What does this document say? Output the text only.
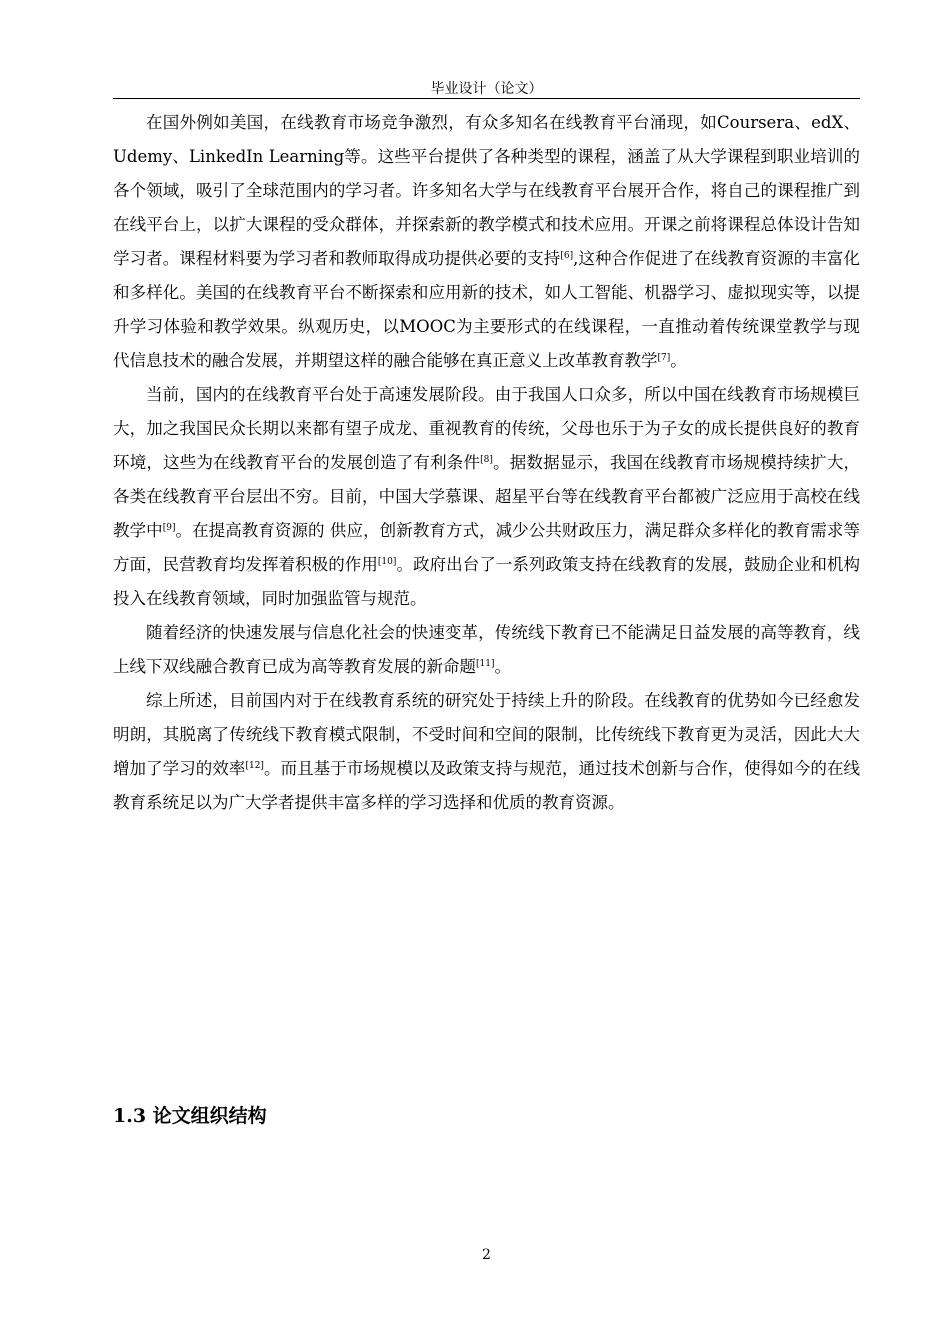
毕业设计（论文）

在国外例如美国，在线教育市场竞争激烈，有众多知名在线教育平台涌现，如Coursera、edX、Udemy、LinkedIn Learning等。这些平台提供了各种类型的课程，涵盖了从大学课程到职业培训的各个领域，吸引了全球范围内的学习者。许多知名大学与在线教育平台展开合作，将自己的课程推广到在线平台上，以扩大课程的受众群体，并探索新的教学模式和技术应用。开课之前将课程总体设计告知学习者。课程材料要为学习者和教师取得成功提供必要的支持[6],这种合作促进了在线教育资源的丰富化和多样化。美国的在线教育平台不断探索和应用新的技术，如人工智能、机器学习、虚拟现实等，以提升学习体验和教学效果。纵观历史，以MOOC为主要形式的在线课程，一直推动着传统课堂教学与现代信息技术的融合发展，并期望这样的融合能够在真正意义上改革教育教学[7]。

当前，国内的在线教育平台处于高速发展阶段。由于我国人口众多，所以中国在线教育市场规模巨大，加之我国民众长期以来都有望子成龙、重视教育的传统，父母也乐于为子女的成长提供良好的教育环境，这些为在线教育平台的发展创造了有利条件[8]。据数据显示，我国在线教育市场规模持续扩大，各类在线教育平台层出不穷。目前，中国大学慕课、超星平台等在线教育平台都被广泛应用于高校在线教学中[9]。在提高教育资源的 供应，创新教育方式，减少公共财政压力，满足群众多样化的教育需求等方面，民营教育均发挥着积极的作用[10]。政府出台了一系列政策支持在线教育的发展，鼓励企业和机构投入在线教育领域，同时加强监管与规范。

随着经济的快速发展与信息化社会的快速变革，传统线下教育已不能满足日益发展的高等教育，线上线下双线融合教育已成为高等教育发展的新命题[11]。

综上所述，目前国内对于在线教育系统的研究处于持续上升的阶段。在线教育的优势如今已经愈发明朗，其脱离了传统线下教育模式限制，不受时间和空间的限制，比传统线下教育更为灵活，因此大大增加了学习的效率[12]。而且基于市场规模以及政策支持与规范，通过技术创新与合作，使得如今的在线教育系统足以为广大学者提供丰富多样的学习选择和优质的教育资源。

1.3 论文组织结构
2
